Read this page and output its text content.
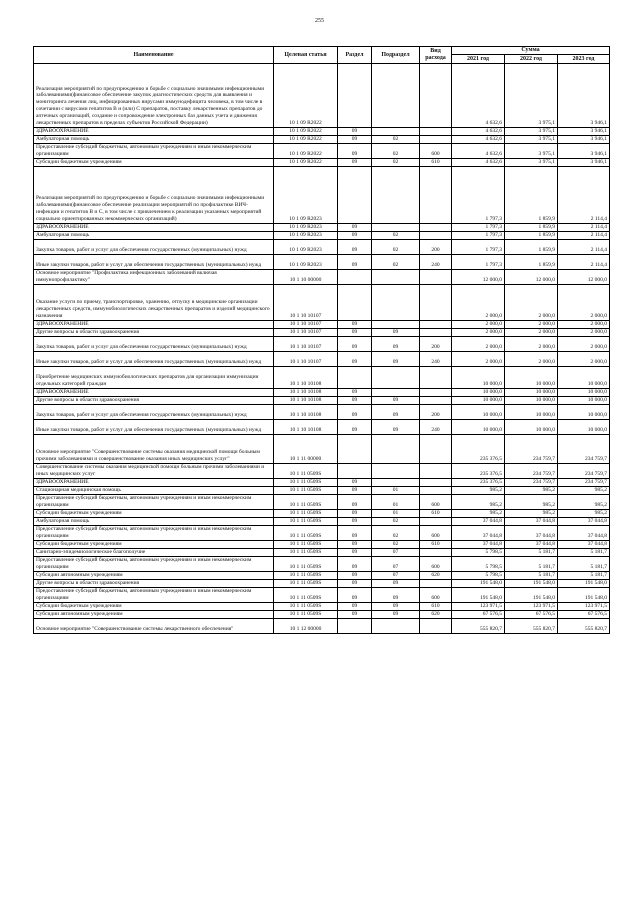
255
Наименование	Целевая статья	Раздел	Подраздел	Вид расхода	Сумма		
					2021 год	2022 год	2023 год
Реализация мероприятий по предупреждению и борьбе с социально значимыми инфекционными заболеваниями(финансовое обеспечение закупок диагностических средств для выявления и мониторинга лечения лиц, инфицированных вирусами иммунодефицита человека, в том числе в сочетании с вирусами гепатитов В и (или) С препаратов, поставку лекарственных препаратов до аптечных организаций, создание и сопровождение электронных баз данных учета и движения лекарственных препаратов в пределах субъектов Российской Федерации)	10 1 09 R2022				4 632,6	3 975,1	3 946,1
ЗДРАВООХРАНЕНИЕ	10 1 09 R2022	09			4 632,6	3 975,1	3 946,1
Амбулаторная помощь	10 1 09 R2022	09	02		4 632,6	3 975,1	3 946,1
Предоставление субсидий бюджетным, автономным учреждениям и иным некоммерческим организациям	10 1 09 R2022	09	02	600	4 632,6	3 975,1	3 946,1
Субсидии бюджетным учреждениям	10 1 09 R2022	09	02	610	4 632,6	3 975,1	3 946,1
Реализация мероприятий по предупреждению и борьбе с социально значимыми инфекционными заболеваниями(финансовое обеспечение реализации мероприятий по профилактике ВИЧ-инфекции и гепатитов В и С, в том числе с привлечением к реализации указанных мероприятий социально ориентированных некоммерческих организаций)	10 1 09 R2023				1 797,3	1 859,9	2 114,4
ЗДРАВООХРАНЕНИЕ	10 1 09 R2023	09			1 797,3	1 859,9	2 114,4
Амбулаторная помощь	10 1 09 R2023	09	02		1 797,3	1 859,9	2 114,4
Закупка товаров, работ и услуг для обеспечения государственных (муниципальных) нужд	10 1 09 R2023	09	02	200	1 797,3	1 859,9	2 114,4
Иные закупки товаров, работ и услуг для обеспечения государственных (муниципальных) нужд	10 1 09 R2023	09	02	240	1 797,3	1 859,9	2 114,4
Основное мероприятие "Профилактика инфекционных заболеваний включая иммунопрофилактику"	10 1 10 00000				12 000,0	12 000,0	12 000,0
Оказание услуги по приему, транспортировке, хранению, отпуску в медицинские организации лекарственных средств, иммунобиологических лекарственных препаратов и изделий медицинского назначения	10 1 10 10107				2 000,0	2 000,0	2 000,0
ЗДРАВООХРАНЕНИЕ	10 1 10 10107	09			2 000,0	2 000,0	2 000,0
Другие вопросы в области здравоохранения	10 1 10 10107	09	09		2 000,0	2 000,0	2 000,0
Закупка товаров, работ и услуг для обеспечения государственных (муниципальных) нужд	10 1 10 10107	09	09	200	2 000,0	2 000,0	2 000,0
Иные закупки товаров, работ и услуг для обеспечения государственных (муниципальных) нужд	10 1 10 10107	09	09	240	2 000,0	2 000,0	2 000,0
Приобретение медицинских иммунобиологических препаратов для организации иммунизации отдельных категорий граждан	10 1 10 10108				10 000,0	10 000,0	10 000,0
ЗДРАВООХРАНЕНИЕ	10 1 10 10108	09			10 000,0	10 000,0	10 000,0
Другие вопросы в области здравоохранения	10 1 10 10108	09	09		10 000,0	10 000,0	10 000,0
Закупка товаров, работ и услуг для обеспечения государственных (муниципальных) нужд	10 1 10 10108	09	09	200	10 000,0	10 000,0	10 000,0
Иные закупки товаров, работ и услуг для обеспечения государственных (муниципальных) нужд	10 1 10 10108	09	09	240	10 000,0	10 000,0	10 000,0
Основное мероприятие "Совершенствование системы оказания медицинской помощи больным прочими заболеваниями и совершенствование оказания иных медицинских услуг"	10 1 11 00000				235 376,5	234 759,7	234 759,7
Совершенствование системы оказания медицинской помощи больным прочими заболеваниями и иных медицинских услуг	10 1 11 0509S				235 376,5	234 759,7	234 759,7
ЗДРАВООХРАНЕНИЕ	10 1 11 0509S	09			235 376,5	234 759,7	234 759,7
Стационарная медицинская помощь	10 1 11 0509S	09	01		985,2	985,2	985,2
Предоставление субсидий бюджетным, автономным учреждениям и иным некоммерческим организациям	10 1 11 0509S	09	01	600	985,2	985,2	985,2
Субсидии бюджетным учреждениям	10 1 11 0509S	09	01	610	985,2	985,2	985,2
Амбулаторная помощь	10 1 11 0509S	09	02		37 044,8	37 044,8	37 044,8
Предоставление субсидий бюджетным, автономным учреждениям и иным некоммерческим организациям	10 1 11 0509S	09	02	600	37 044,8	37 044,8	37 044,8
Субсидии бюджетным учреждениям	10 1 11 0509S	09	02	610	37 044,8	37 044,8	37 044,8
Санитарно-эпидемиологическое благополучие	10 1 11 0509S	09	07		5 798,5	5 181,7	5 181,7
Предоставление субсидий бюджетным, автономным учреждениям и иным некоммерческим организациям	10 1 11 0509S	09	07	600	5 798,5	5 181,7	5 181,7
Субсидии автономным учреждениям	10 1 11 0509S	09	07	620	5 798,5	5 181,7	5 181,7
Другие вопросы в области здравоохранения	10 1 11 0509S	09	09		191 548,0	191 548,0	191 548,0
Предоставление субсидий бюджетным, автономным учреждениям и иным некоммерческим организациям	10 1 11 0509S	09	09	600	191 548,0	191 548,0	191 548,0
Субсидии бюджетным учреждениям	10 1 11 0509S	09	09	610	123 971,5	123 971,5	123 971,5
Субсидии автономным учреждениям	10 1 11 0509S	09	09	620	67 576,5	67 576,5	67 576,5
Основное мероприятие "Совершенствование системы лекарственного обеспечения"	10 1 12 00000				555 820,7	555 820,7	555 820,7
